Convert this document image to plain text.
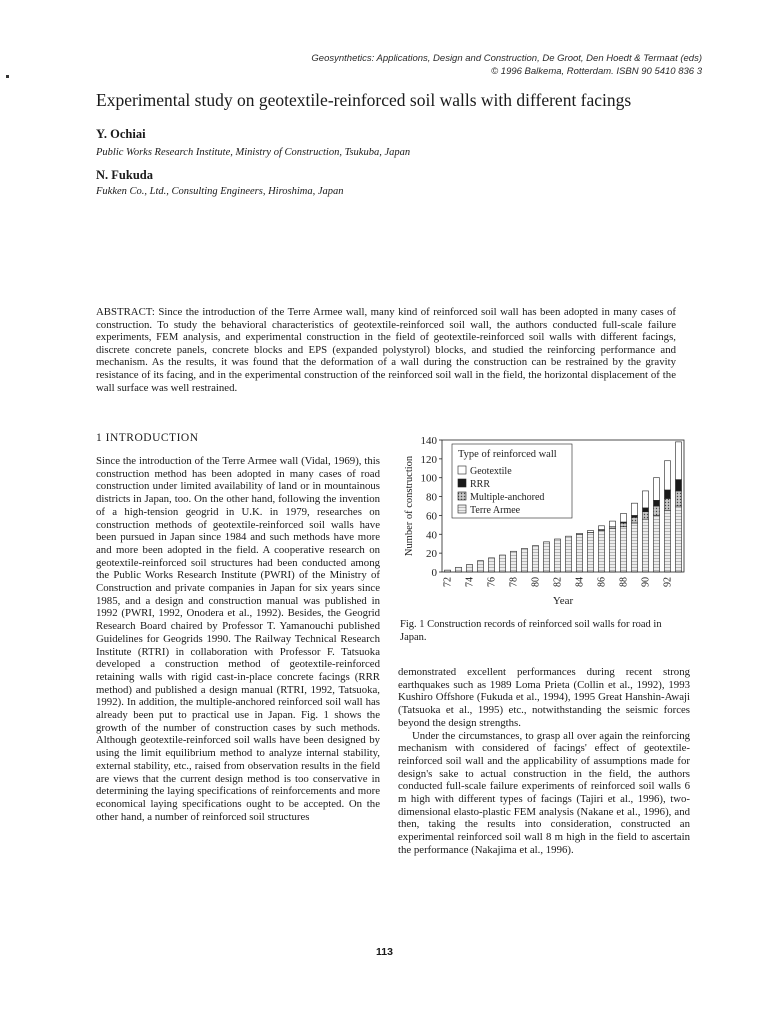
Geosynthetics: Applications, Design and Construction, De Groot, Den Hoedt & Termaat (eds)
© 1996 Balkema, Rotterdam. ISBN 90 5410 836 3
Experimental study on geotextile-reinforced soil walls with different facings
Y. Ochiai
Public Works Research Institute, Ministry of Construction, Tsukuba, Japan
N. Fukuda
Fukken Co., Ltd., Consulting Engineers, Hiroshima, Japan
ABSTRACT: Since the introduction of the Terre Armee wall, many kind of reinforced soil wall has been adopted in many cases of construction. To study the behavioral characteristics of geotextile-reinforced soil wall, the authors conducted full-scale failure experiments, FEM analysis, and experimental construction in the field of geotextile-reinforced soil walls with different facings, discrete concrete panels, concrete blocks and EPS (expanded polystyrol) blocks, and studied the reinforcing performance and mechanism. As the results, it was found that the deformation of a wall during the construction can be restrained by the gravity resistance of its facing, and in the experimental construction of the reinforced soil wall in the field, the horizontal displacement of the wall surface was well restrained.
1 INTRODUCTION
Since the introduction of the Terre Armee wall (Vidal, 1969), this construction method has been adopted in many cases of road construction under limited availability of land or in mountainous districts in Japan, too. On the other hand, following the invention of a high-tension geogrid in U.K. in 1979, researches on construction methods of geotextile-reinforced soil walls have been pursued in Japan since 1984 and such methods have more and more been adopted in the field. A cooperative research on geotextile-reinforced soil structures had been conducted among the Public Works Research Institute (PWRI) of the Ministry of Construction and private companies in Japan for six years since 1985, and a design and construction manual was published in 1992 (PWRI, 1992, Onodera et al., 1992). Besides, the Geogrid Research Board chaired by Professor T. Yamanouchi published Guidelines for Geogrids 1990. The Railway Technical Research Institute (RTRI) in collaboration with Professor F. Tatsuoka developed a construction method of geotextile-reinforced retaining walls with rigid cast-in-place concrete facings (RRR method) and published a design manual (RTRI, 1992, Tatsuoka, 1992). In addition, the multiple-anchored reinforced soil wall has already been put to practical use in Japan. Fig. 1 shows the growth of the number of construction cases by such methods. Although geotextile-reinforced soil walls have been designed by using the limit equilibrium method to analyze internal stability, external stability, etc., raised from observation results in the field are views that the current design method is too conservative in determining the laying specifications of reinforcements and more economical laying specifications ought to be accepted. On the other hand, a number of reinforced soil structures
0
20
40
60
80
100
120
140
72 74 76 78 80 82 84 86 88 90 92
Year
Number of construction
Type of reinforced wall
Geotextile
RRR
Multiple-anchored
Terre Armee
Fig. 1 Construction records of reinforced soil walls for road in Japan.

demonstrated excellent performances during recent strong earthquakes such as 1989 Loma Prieta (Collin et al., 1992), 1993 Kushiro Offshore (Fukuda et al., 1994), 1995 Great Hanshin-Awaji (Tatsuoka et al., 1995) etc., notwithstanding the seismic forces beyond the design strengths.

Under the circumstances, to grasp all over again the reinforcing mechanism with considered of facings' effect of geotextile-reinforced soil wall and the applicability of assumptions made for design's sake to actual construction in the field, the authors conducted full-scale failure experiments of reinforced soil walls 6 m high with different types of facings (Tajiri et al., 1996), two-dimensional elasto-plastic FEM analysis (Nakane et al., 1996), and then, taking the results into consideration, constructed an experimental reinforced soil wall 8 m high in the field to ascertain the performance (Nakajima et al., 1996).

113
